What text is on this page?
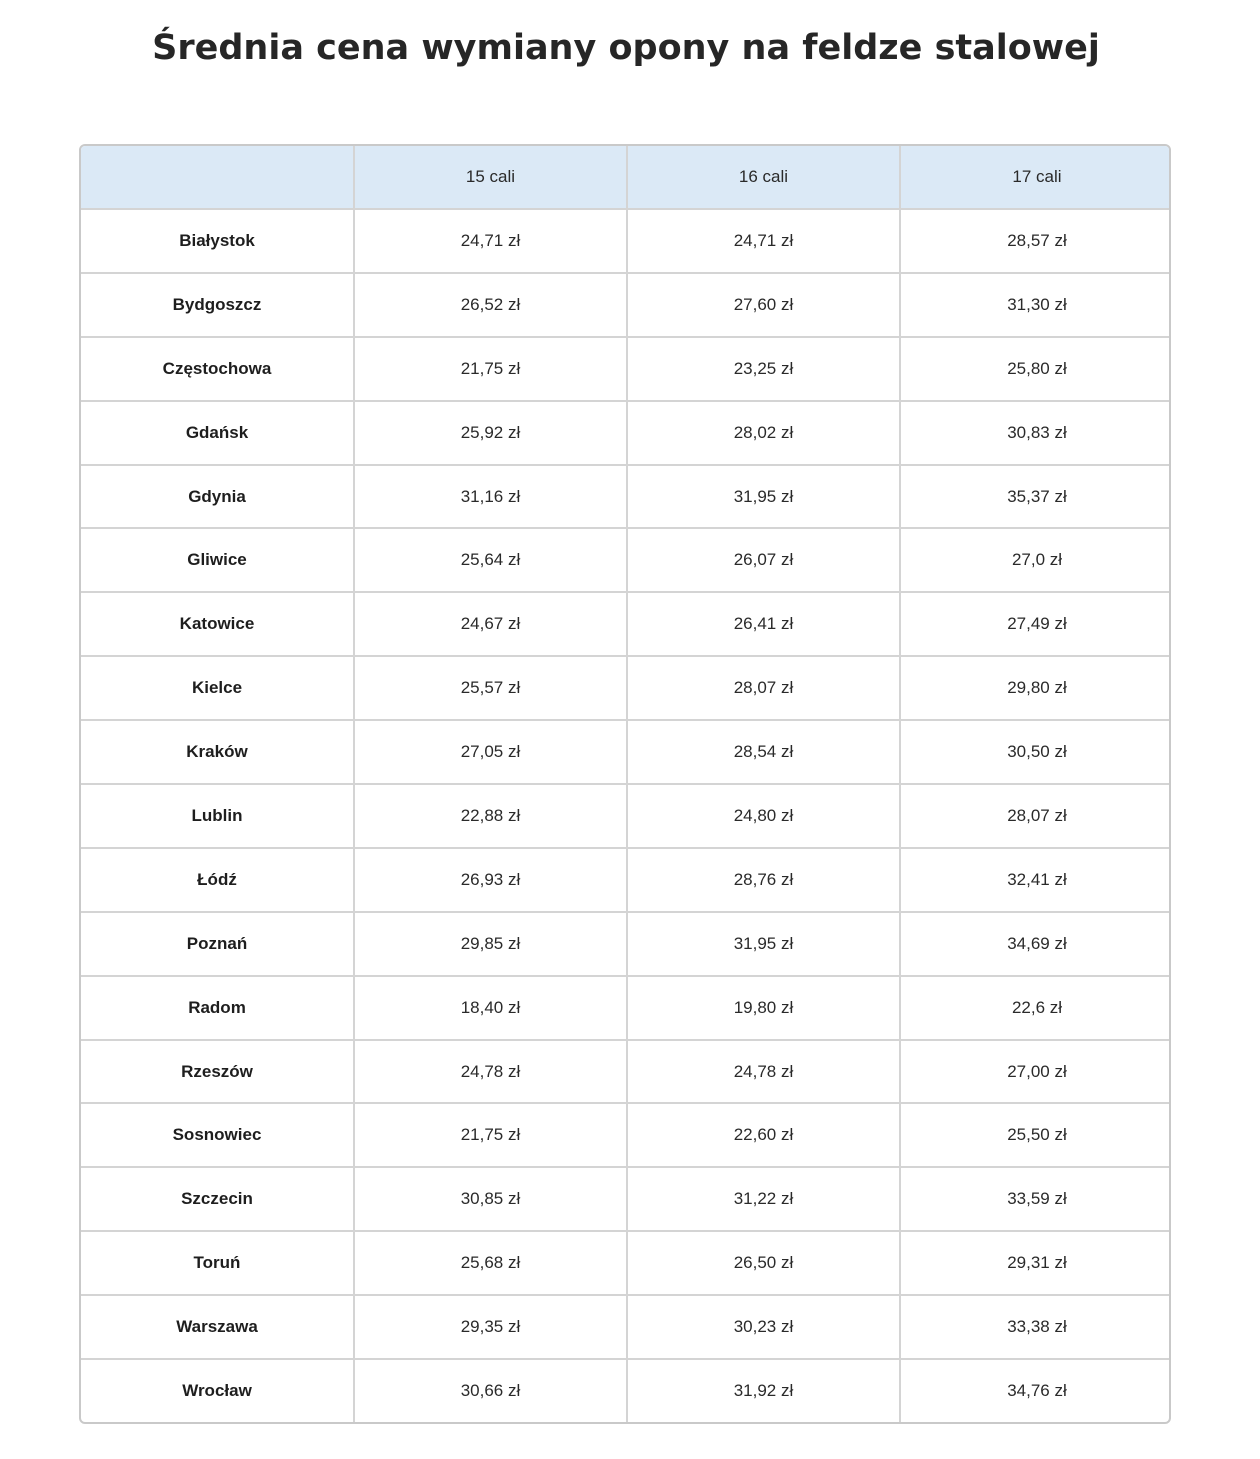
Średnia cena wymiany opony na feldze stalowej
	15 cali	16 cali	17 cali
Białystok	24,71 zł	24,71 zł	28,57 zł
Bydgoszcz	26,52 zł	27,60 zł	31,30 zł
Częstochowa	21,75 zł	23,25 zł	25,80 zł
Gdańsk	25,92 zł	28,02 zł	30,83 zł
Gdynia	31,16 zł	31,95 zł	35,37 zł
Gliwice	25,64 zł	26,07 zł	27,0 zł
Katowice	24,67 zł	26,41 zł	27,49 zł
Kielce	25,57 zł	28,07 zł	29,80 zł
Kraków	27,05 zł	28,54 zł	30,50 zł
Lublin	22,88 zł	24,80 zł	28,07 zł
Łódź	26,93 zł	28,76 zł	32,41 zł
Poznań	29,85 zł	31,95 zł	34,69 zł
Radom	18,40 zł	19,80 zł	22,6 zł
Rzeszów	24,78 zł	24,78 zł	27,00 zł
Sosnowiec	21,75 zł	22,60 zł	25,50 zł
Szczecin	30,85 zł	31,22 zł	33,59 zł
Toruń	25,68 zł	26,50 zł	29,31 zł
Warszawa	29,35 zł	30,23 zł	33,38 zł
Wrocław	30,66 zł	31,92 zł	34,76 zł
